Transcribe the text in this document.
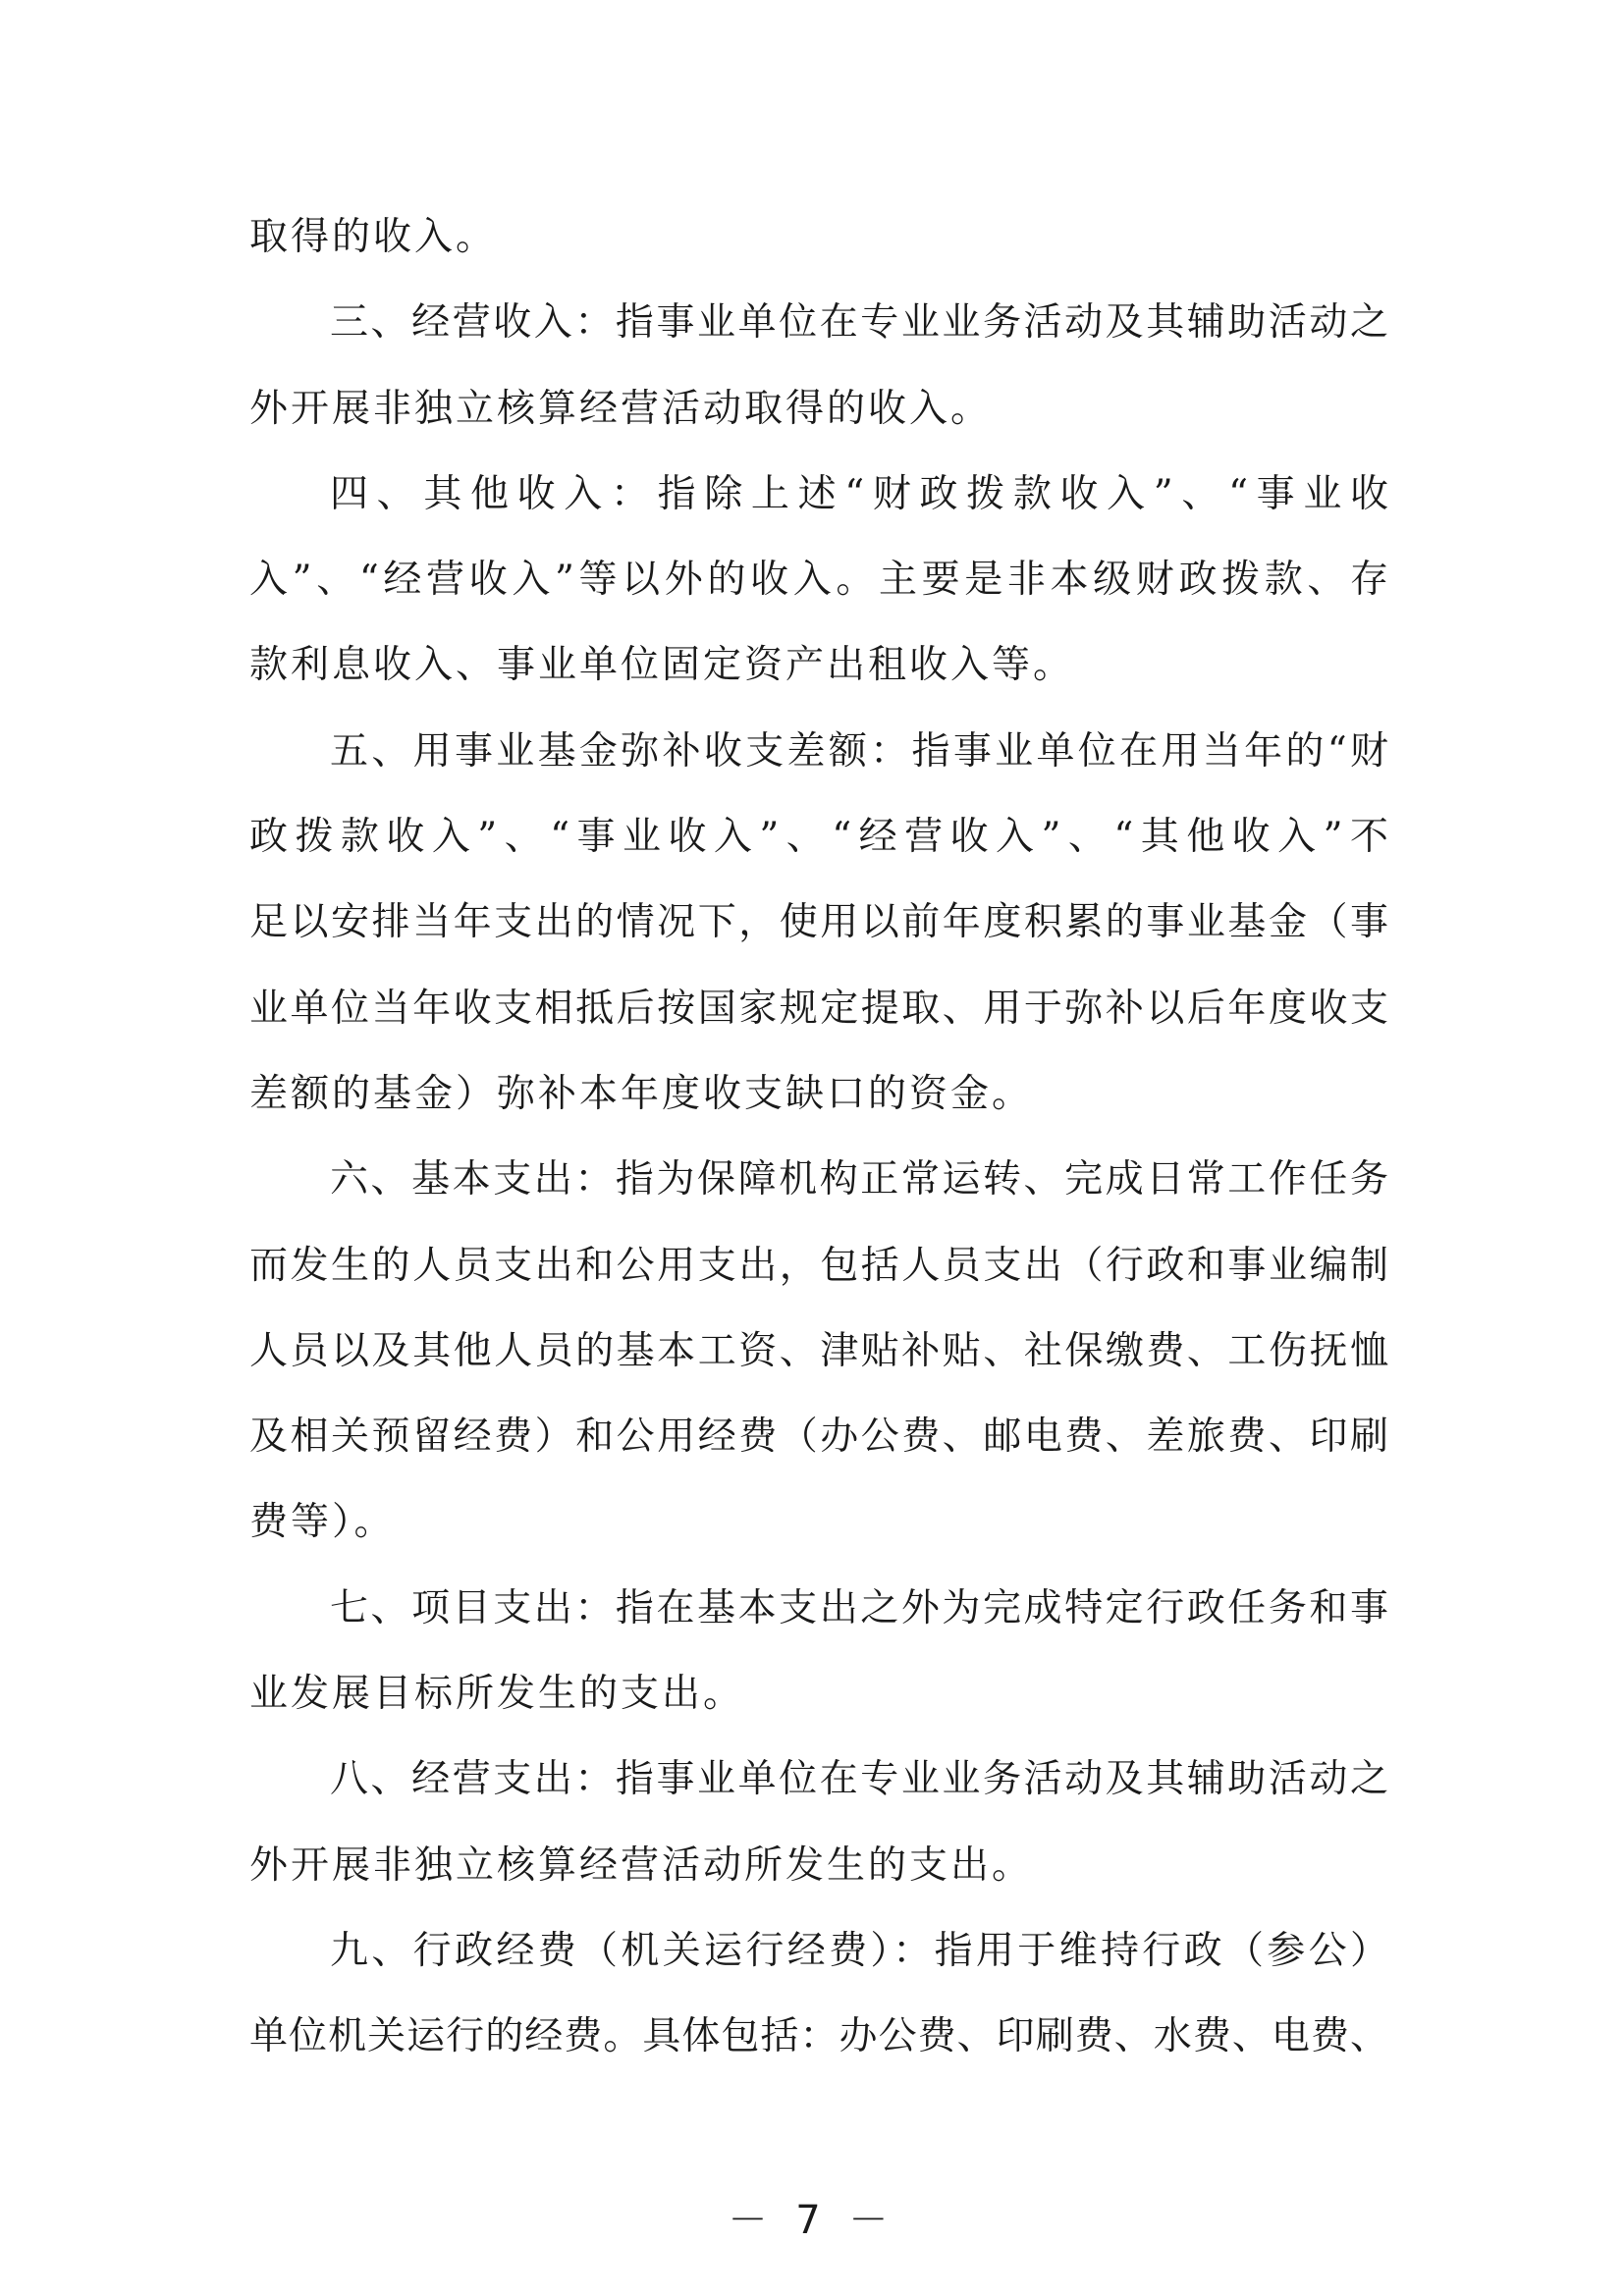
取得的收入。
三、经营收入：指事业单位在专业业务活动及其辅助活动之
外开展非独立核算经营活动取得的收入。
四、其他收入：指除上述“财政拨款收入”、“事业收
入”、“经营收入”等以外的收入。主要是非本级财政拨款、存
款利息收入、事业单位固定资产出租收入等。
五、用事业基金弥补收支差额：指事业单位在用当年的“财
政拨款收入”、“事业收入”、“经营收入”、“其他收入”不
足以安排当年支出的情况下，使用以前年度积累的事业基金（事
业单位当年收支相抵后按国家规定提取、用于弥补以后年度收支
差额的基金）弥补本年度收支缺口的资金。
六、基本支出：指为保障机构正常运转、完成日常工作任务
而发生的人员支出和公用支出，包括人员支出（行政和事业编制
人员以及其他人员的基本工资、津贴补贴、社保缴费、工伤抚恤
及相关预留经费）和公用经费（办公费、邮电费、差旅费、印刷
费等）。
七、项目支出：指在基本支出之外为完成特定行政任务和事
业发展目标所发生的支出。
八、经营支出：指事业单位在专业业务活动及其辅助活动之
外开展非独立核算经营活动所发生的支出。
九、行政经费（机关运行经费）：指用于维持行政（参公）
单位机关运行的经费。具体包括：办公费、印刷费、水费、电费、
－ 7 －
